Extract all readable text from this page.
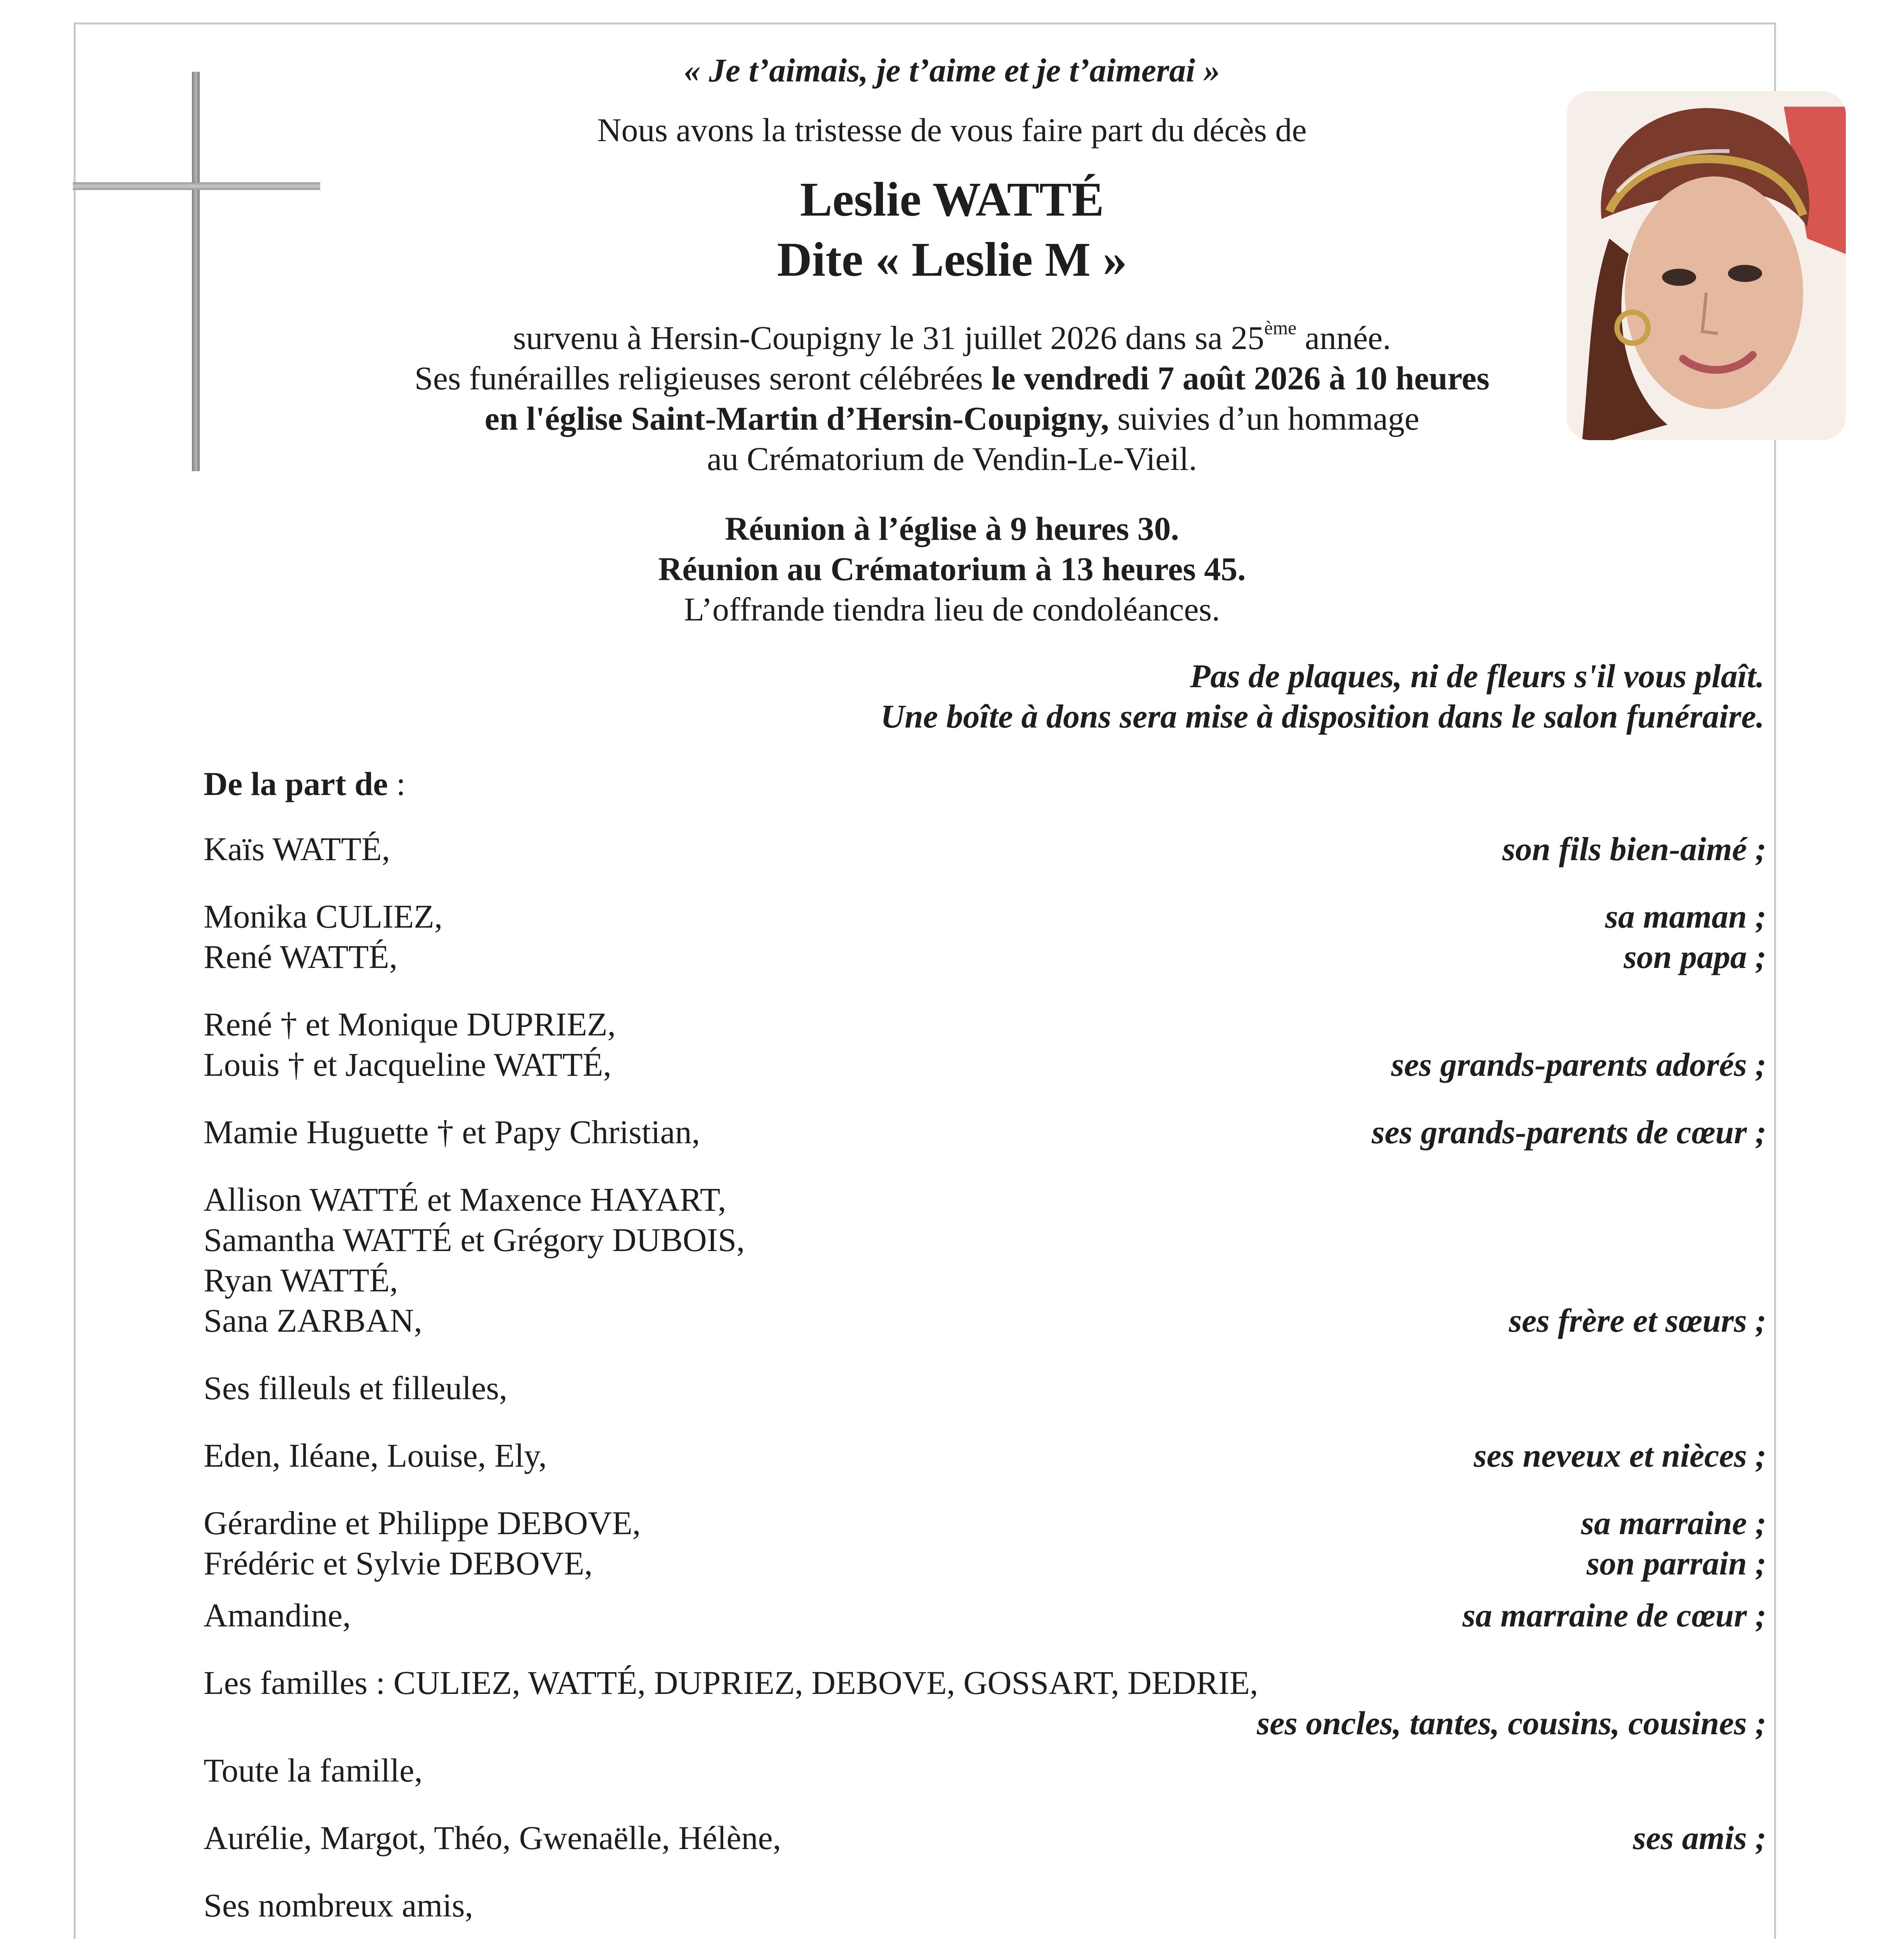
« Je t’aimais, je t’aime et je t’aimerai »
Nous avons la tristesse de vous faire part du décès de
Leslie WATTÉ
Dite « Leslie M »
survenu à Hersin-Coupigny le 31 juillet 2026 dans sa 25ème année.
Ses funérailles religieuses seront célébrées le vendredi 7 août 2026 à 10 heures
en l'église Saint-Martin d’Hersin-Coupigny, suivies d’un hommage
au Crématorium de Vendin-Le-Vieil.
Réunion à l’église à 9 heures 30.
Réunion au Crématorium à 13 heures 45.
L’offrande tiendra lieu de condoléances.
Pas de plaques, ni de fleurs s'il vous plaît.
Une boîte à dons sera mise à disposition dans le salon funéraire.
De la part de :
Kaïs WATTÉ,	son fils bien-aimé ;
Monika CULIEZ,	sa maman ;
René WATTÉ,	son papa ;
René † et Monique DUPRIEZ,
Louis † et Jacqueline WATTÉ,	ses grands-parents adorés ;
Mamie Huguette † et Papy Christian,	ses grands-parents de cœur ;
Allison WATTÉ et Maxence HAYART,
Samantha WATTÉ et Grégory DUBOIS,
Ryan WATTÉ,
Sana ZARBAN,	ses frère et sœurs ;
Ses filleuls et filleules,
Eden, Iléane, Louise, Ely,	ses neveux et nièces ;
Gérardine et Philippe DEBOVE,	sa marraine ;
Frédéric et Sylvie DEBOVE,	son parrain ;
Amandine,	sa marraine de cœur ;
Les familles : CULIEZ, WATTÉ, DUPRIEZ, DEBOVE, GOSSART, DEDRIE,
ses oncles, tantes, cousins, cousines ;
Toute la famille,
Aurélie, Margot, Théo, Gwenaëlle, Hélène,	ses amis ;
Ses nombreux amis,
